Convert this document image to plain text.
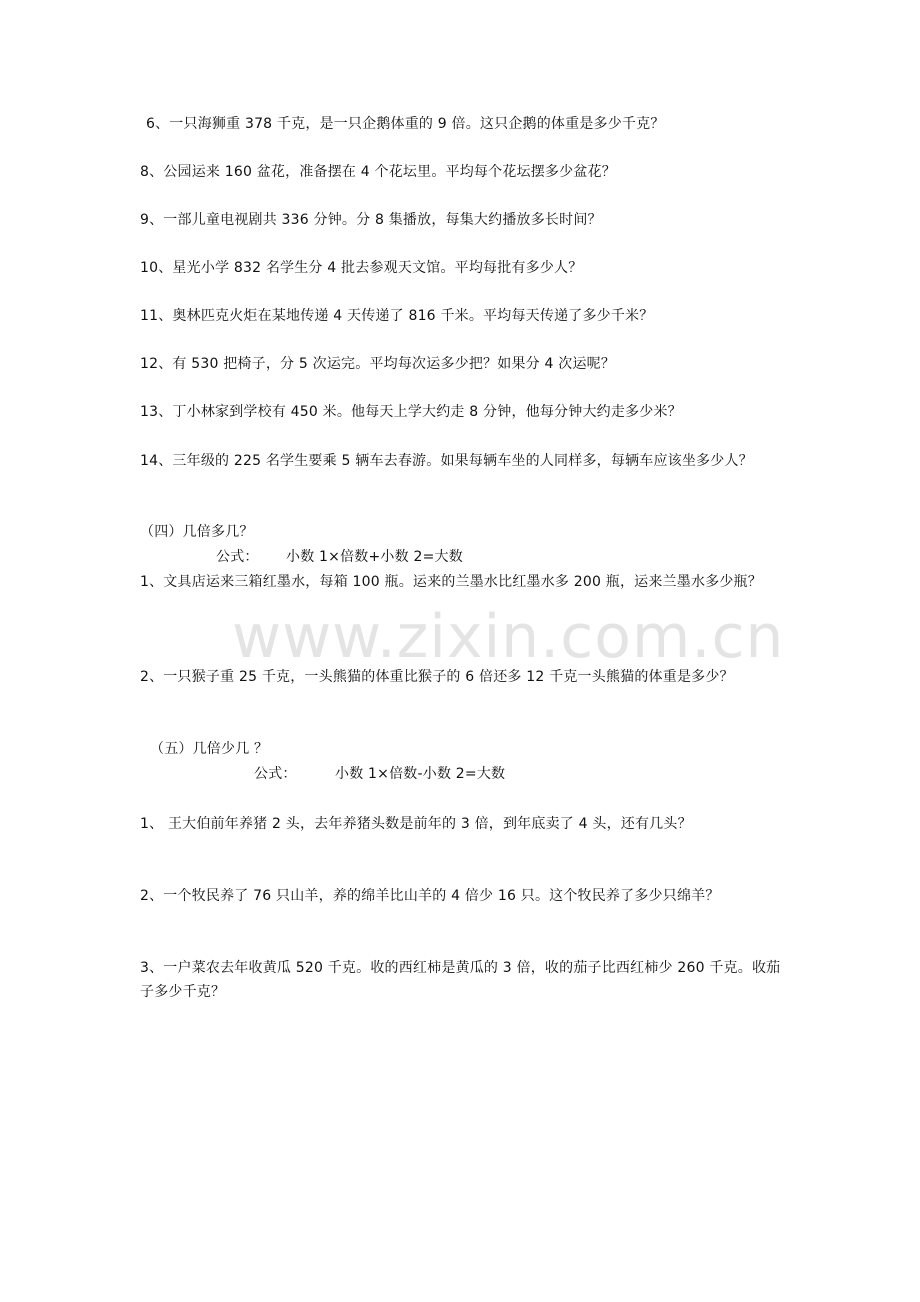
6、一只海狮重 378 千克，是一只企鹅体重的 9 倍。这只企鹅的体重是多少千克？
8、公园运来 160 盆花，准备摆在 4 个花坛里。平均每个花坛摆多少盆花？
9、一部儿童电视剧共 336 分钟。分 8 集播放，每集大约播放多长时间？
10、星光小学 832 名学生分 4 批去参观天文馆。平均每批有多少人？
11、奥林匹克火炬在某地传递 4 天传递了 816 千米。平均每天传递了多少千米？
12、有 530 把椅子，分 5 次运完。平均每次运多少把？如果分 4 次运呢？
13、丁小林家到学校有 450 米。他每天上学大约走 8 分钟，他每分钟大约走多少米？
14、三年级的 225 名学生要乘 5 辆车去春游。如果每辆车坐的人同样多，每辆车应该坐多少人？
（四）几倍多几？
公式： 小数 1×倍数+小数 2=大数
1、文具店运来三箱红墨水，每箱 100 瓶。运来的兰墨水比红墨水多 200 瓶，运来兰墨水多少瓶？
2、一只猴子重 25 千克，一头熊猫的体重比猴子的 6 倍还多 12 千克一头熊猫的体重是多少？
（五）几倍少几 ？
公式：	小数 1×倍数-小数 2=大数
1、 王大伯前年养猪 2 头，去年养猪头数是前年的 3 倍，到年底卖了 4 头，还有几头？
2、一个牧民养了 76 只山羊，养的绵羊比山羊的 4 倍少 16 只。这个牧民养了多少只绵羊？
3、一户菜农去年收黄瓜 520 千克。收的西红柿是黄瓜的 3 倍，收的茄子比西红柿少 260 千克。收茄子多少千克？
www.zixin.com.cn
